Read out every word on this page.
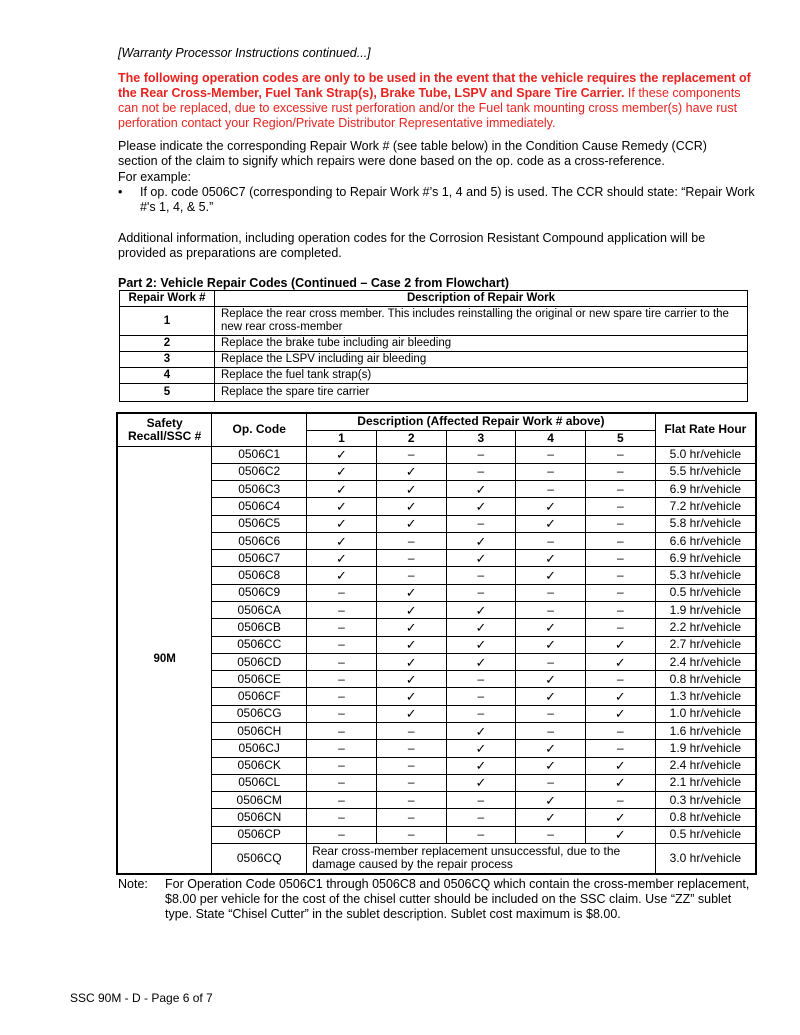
[Warranty Processor Instructions continued...]
The following operation codes are only to be used in the event that the vehicle requires the replacement of the Rear Cross-Member, Fuel Tank Strap(s), Brake Tube, LSPV and Spare Tire Carrier. If these components can not be replaced, due to excessive rust perforation and/or the Fuel tank mounting cross member(s) have rust perforation contact your Region/Private Distributor Representative immediately.
Please indicate the corresponding Repair Work # (see table below) in the Condition Cause Remedy (CCR) section of the claim to signify which repairs were done based on the op. code as a cross-reference.
For example:
•	If op. code 0506C7 (corresponding to Repair Work #’s 1, 4 and 5) is used. The CCR should state: “Repair Work #'s 1, 4, & 5.”
Additional information, including operation codes for the Corrosion Resistant Compound application will be provided as preparations are completed.
Part 2: Vehicle Repair Codes (Continued – Case 2 from Flowchart)
Repair Work #	Description of Repair Work
1	Replace the rear cross member. This includes reinstalling the original or new spare tire carrier to the new rear cross-member
2	Replace the brake tube including air bleeding
3	Replace the LSPV including air bleeding
4	Replace the fuel tank strap(s)
5	Replace the spare tire carrier
Safety Recall/SSC #	Op. Code	Description (Affected Repair Work # above)					Flat Rate Hour
		1	2	3	4	5	
90M	0506C1	✓	–	–	–	–	5.0 hr/vehicle
	0506C2	✓	✓	–	–	–	5.5 hr/vehicle
	0506C3	✓	✓	✓	–	–	6.9 hr/vehicle
	0506C4	✓	✓	✓	✓	–	7.2 hr/vehicle
	0506C5	✓	✓	–	✓	–	5.8 hr/vehicle
	0506C6	✓	–	✓	–	–	6.6 hr/vehicle
	0506C7	✓	–	✓	✓	–	6.9 hr/vehicle
	0506C8	✓	–	–	✓	–	5.3 hr/vehicle
	0506C9	–	✓	–	–	–	0.5 hr/vehicle
	0506CA	–	✓	✓	–	–	1.9 hr/vehicle
	0506CB	–	✓	✓	✓	–	2.2 hr/vehicle
	0506CC	–	✓	✓	✓	✓	2.7 hr/vehicle
	0506CD	–	✓	✓	–	✓	2.4 hr/vehicle
	0506CE	–	✓	–	✓	–	0.8 hr/vehicle
	0506CF	–	✓	–	✓	✓	1.3 hr/vehicle
	0506CG	–	✓	–	–	✓	1.0 hr/vehicle
	0506CH	–	–	✓	–	–	1.6 hr/vehicle
	0506CJ	–	–	✓	✓	–	1.9 hr/vehicle
	0506CK	–	–	✓	✓	✓	2.4 hr/vehicle
	0506CL	–	–	✓	–	✓	2.1 hr/vehicle
	0506CM	–	–	–	✓	–	0.3 hr/vehicle
	0506CN	–	–	–	✓	✓	0.8 hr/vehicle
	0506CP	–	–	–	–	✓	0.5 hr/vehicle
	0506CQ	Rear cross-member replacement unsuccessful, due to the damage caused by the repair process					3.0 hr/vehicle
Note:	For Operation Code 0506C1 through 0506C8 and 0506CQ which contain the cross-member replacement, $8.00 per vehicle for the cost of the chisel cutter should be included on the SSC claim. Use “ZZ” sublet type. State “Chisel Cutter” in the sublet description. Sublet cost maximum is $8.00.
SSC 90M - D - Page 6 of 7
